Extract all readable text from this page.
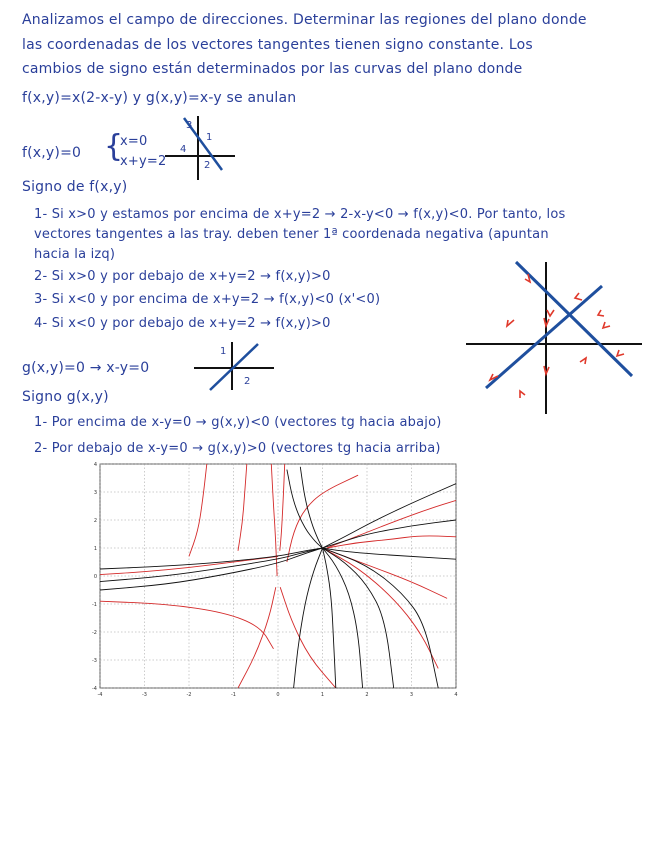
Analizamos el campo de direcciones. Determinar las regiones del plano donde
las coordenadas de los vectores tangentes tienen signo constante. Los
cambios de signo están determinados por las curvas del plano donde
f(x,y)=x(2-x-y) y g(x,y)=x-y se anulan
f(x,y)=0 {
x=0
x+y=2
3
1
4
2
Signo de f(x,y)
1- Si x>0 y estamos por encima de x+y=2 → 2-x-y<0 → f(x,y)<0. Por tanto, los
vectores tangentes a las tray. deben tener 1ª coordenada negativa (apuntan
hacia la izq)
2- Si x>0 y por debajo de x+y=2 → f(x,y)>0
3- Si x<0 y por encima de x+y=2 → f(x,y)<0 (x'<0)
4- Si x<0 y por debajo de x+y=2 → f(x,y)>0
g(x,y)=0 → x-y=0
1
2
Signo g(x,y)
1- Por encima de x-y=0 → g(x,y)<0 (vectores tg hacia abajo)
2- Por debajo de x-y=0 → g(x,y)>0 (vectores tg hacia arriba)
-4	-3	-2	-1	0	1	2	3	4
4
3
2
1
0
-1
-2
-3
-4
